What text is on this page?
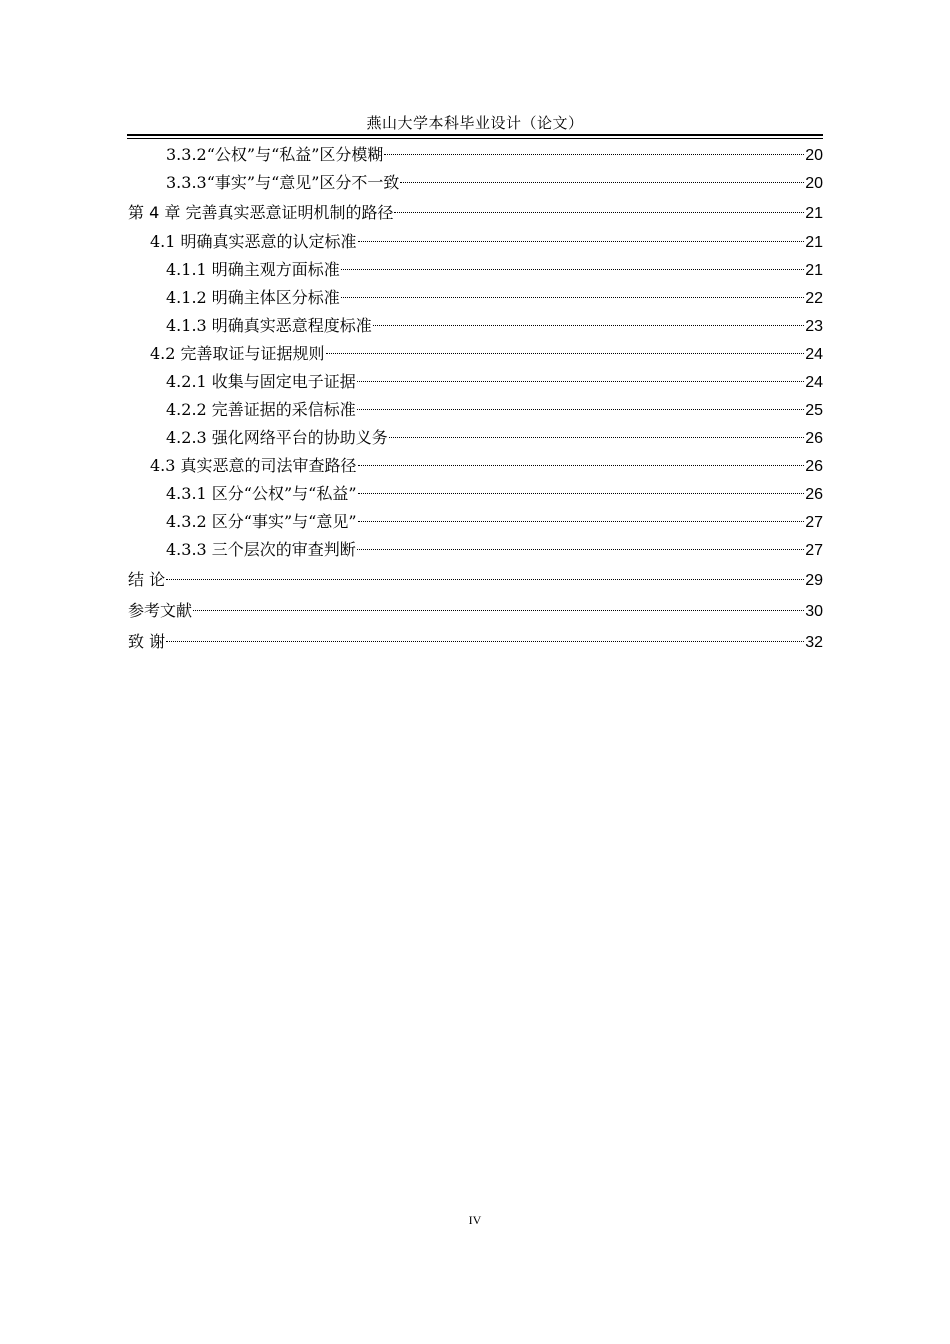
燕山大学本科毕业设计（论文）
3.3.2“公权”与“私益”区分模糊	20
3.3.3“事实”与“意见”区分不一致	20
第 4 章 完善真实恶意证明机制的路径	21
4.1 明确真实恶意的认定标准	21
4.1.1 明确主观方面标准	21
4.1.2 明确主体区分标准	22
4.1.3 明确真实恶意程度标准	23
4.2 完善取证与证据规则	24
4.2.1 收集与固定电子证据	24
4.2.2 完善证据的采信标准	25
4.2.3 强化网络平台的协助义务	26
4.3 真实恶意的司法审查路径	26
4.3.1 区分“公权”与“私益”	26
4.3.2 区分“事实”与“意见”	27
4.3.3 三个层次的审查判断	27
结 论	29
参考文献	30
致 谢	32
IV
